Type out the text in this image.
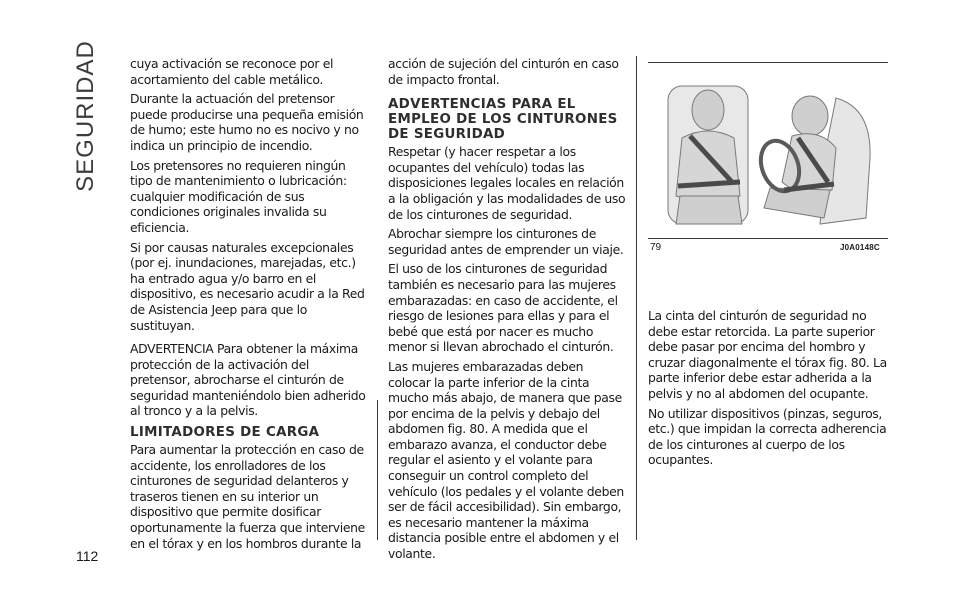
SEGURIDAD
112

cuya activación se reconoce por el acortamiento del cable metálico.

Durante la actuación del pretensor puede producirse una pequeña emisión de humo; este humo no es nocivo y no indica un principio de incendio.

Los pretensores no requieren ningún tipo de mantenimiento o lubricación: cualquier modificación de sus condiciones originales invalida su eficiencia.

Si por causas naturales excepcionales (por ej. inundaciones, marejadas, etc.) ha entrado agua y/o barro en el dispositivo, es necesario acudir a la Red de Asistencia Jeep para que lo sustituyan.

ADVERTENCIA Para obtener la máxima protección de la activación del pretensor, abrocharse el cinturón de seguridad manteniéndolo bien adherido al tronco y a la pelvis.

LIMITADORES DE CARGA

Para aumentar la protección en caso de accidente, los enrolladores de los cinturones de seguridad delanteros y traseros tienen en su interior un dispositivo que permite dosificar oportunamente la fuerza que interviene en el tórax y en los hombros durante la

acción de sujeción del cinturón en caso de impacto frontal.

ADVERTENCIAS PARA EL EMPLEO DE LOS CINTURONES DE SEGURIDAD

Respetar (y hacer respetar a los ocupantes del vehículo) todas las disposiciones legales locales en relación a la obligación y las modalidades de uso de los cinturones de seguridad.

Abrochar siempre los cinturones de seguridad antes de emprender un viaje.

El uso de los cinturones de seguridad también es necesario para las mujeres embarazadas: en caso de accidente, el riesgo de lesiones para ellas y para el bebé que está por nacer es mucho menor si llevan abrochado el cinturón.

Las mujeres embarazadas deben colocar la parte inferior de la cinta mucho más abajo, de manera que pase por encima de la pelvis y debajo del abdomen fig. 80. A medida que el embarazo avanza, el conductor debe regular el asiento y el volante para conseguir un control completo del vehículo (los pedales y el volante deben ser de fácil accesibilidad). Sin embargo, es necesario mantener la máxima distancia posible entre el abdomen y el volante.

79	J0A0148C

La cinta del cinturón de seguridad no debe estar retorcida. La parte superior debe pasar por encima del hombro y cruzar diagonalmente el tórax fig. 80. La parte inferior debe estar adherida a la pelvis y no al abdomen del ocupante.

No utilizar dispositivos (pinzas, seguros, etc.) que impidan la correcta adherencia de los cinturones al cuerpo de los ocupantes.
